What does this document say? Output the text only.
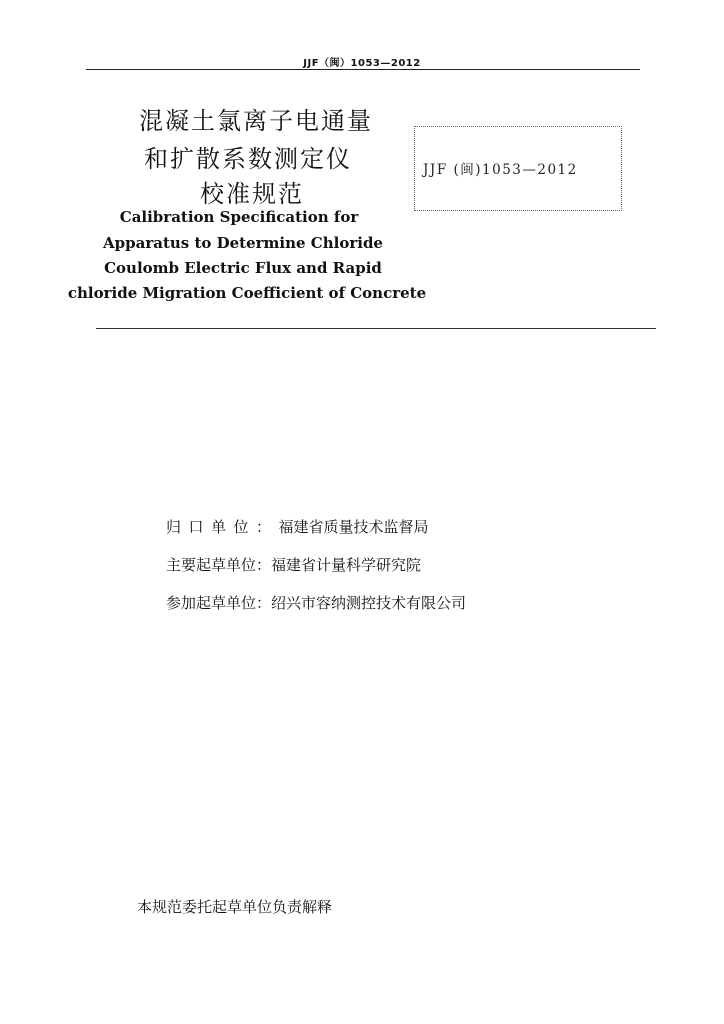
JJF（闽）1053—2012
混凝土氯离子电通量
和扩散系数测定仪
校准规范
Calibration Specification for
Apparatus to Determine Chloride
Coulomb Electric Flux and Rapid
chloride Migration Coefficient of Concrete
JJF (闽)1053—2012
归口单位：福建省质量技术监督局
主要起草单位：福建省计量科学研究院
参加起草单位：绍兴市容纳测控技术有限公司
本规范委托起草单位负责解释
